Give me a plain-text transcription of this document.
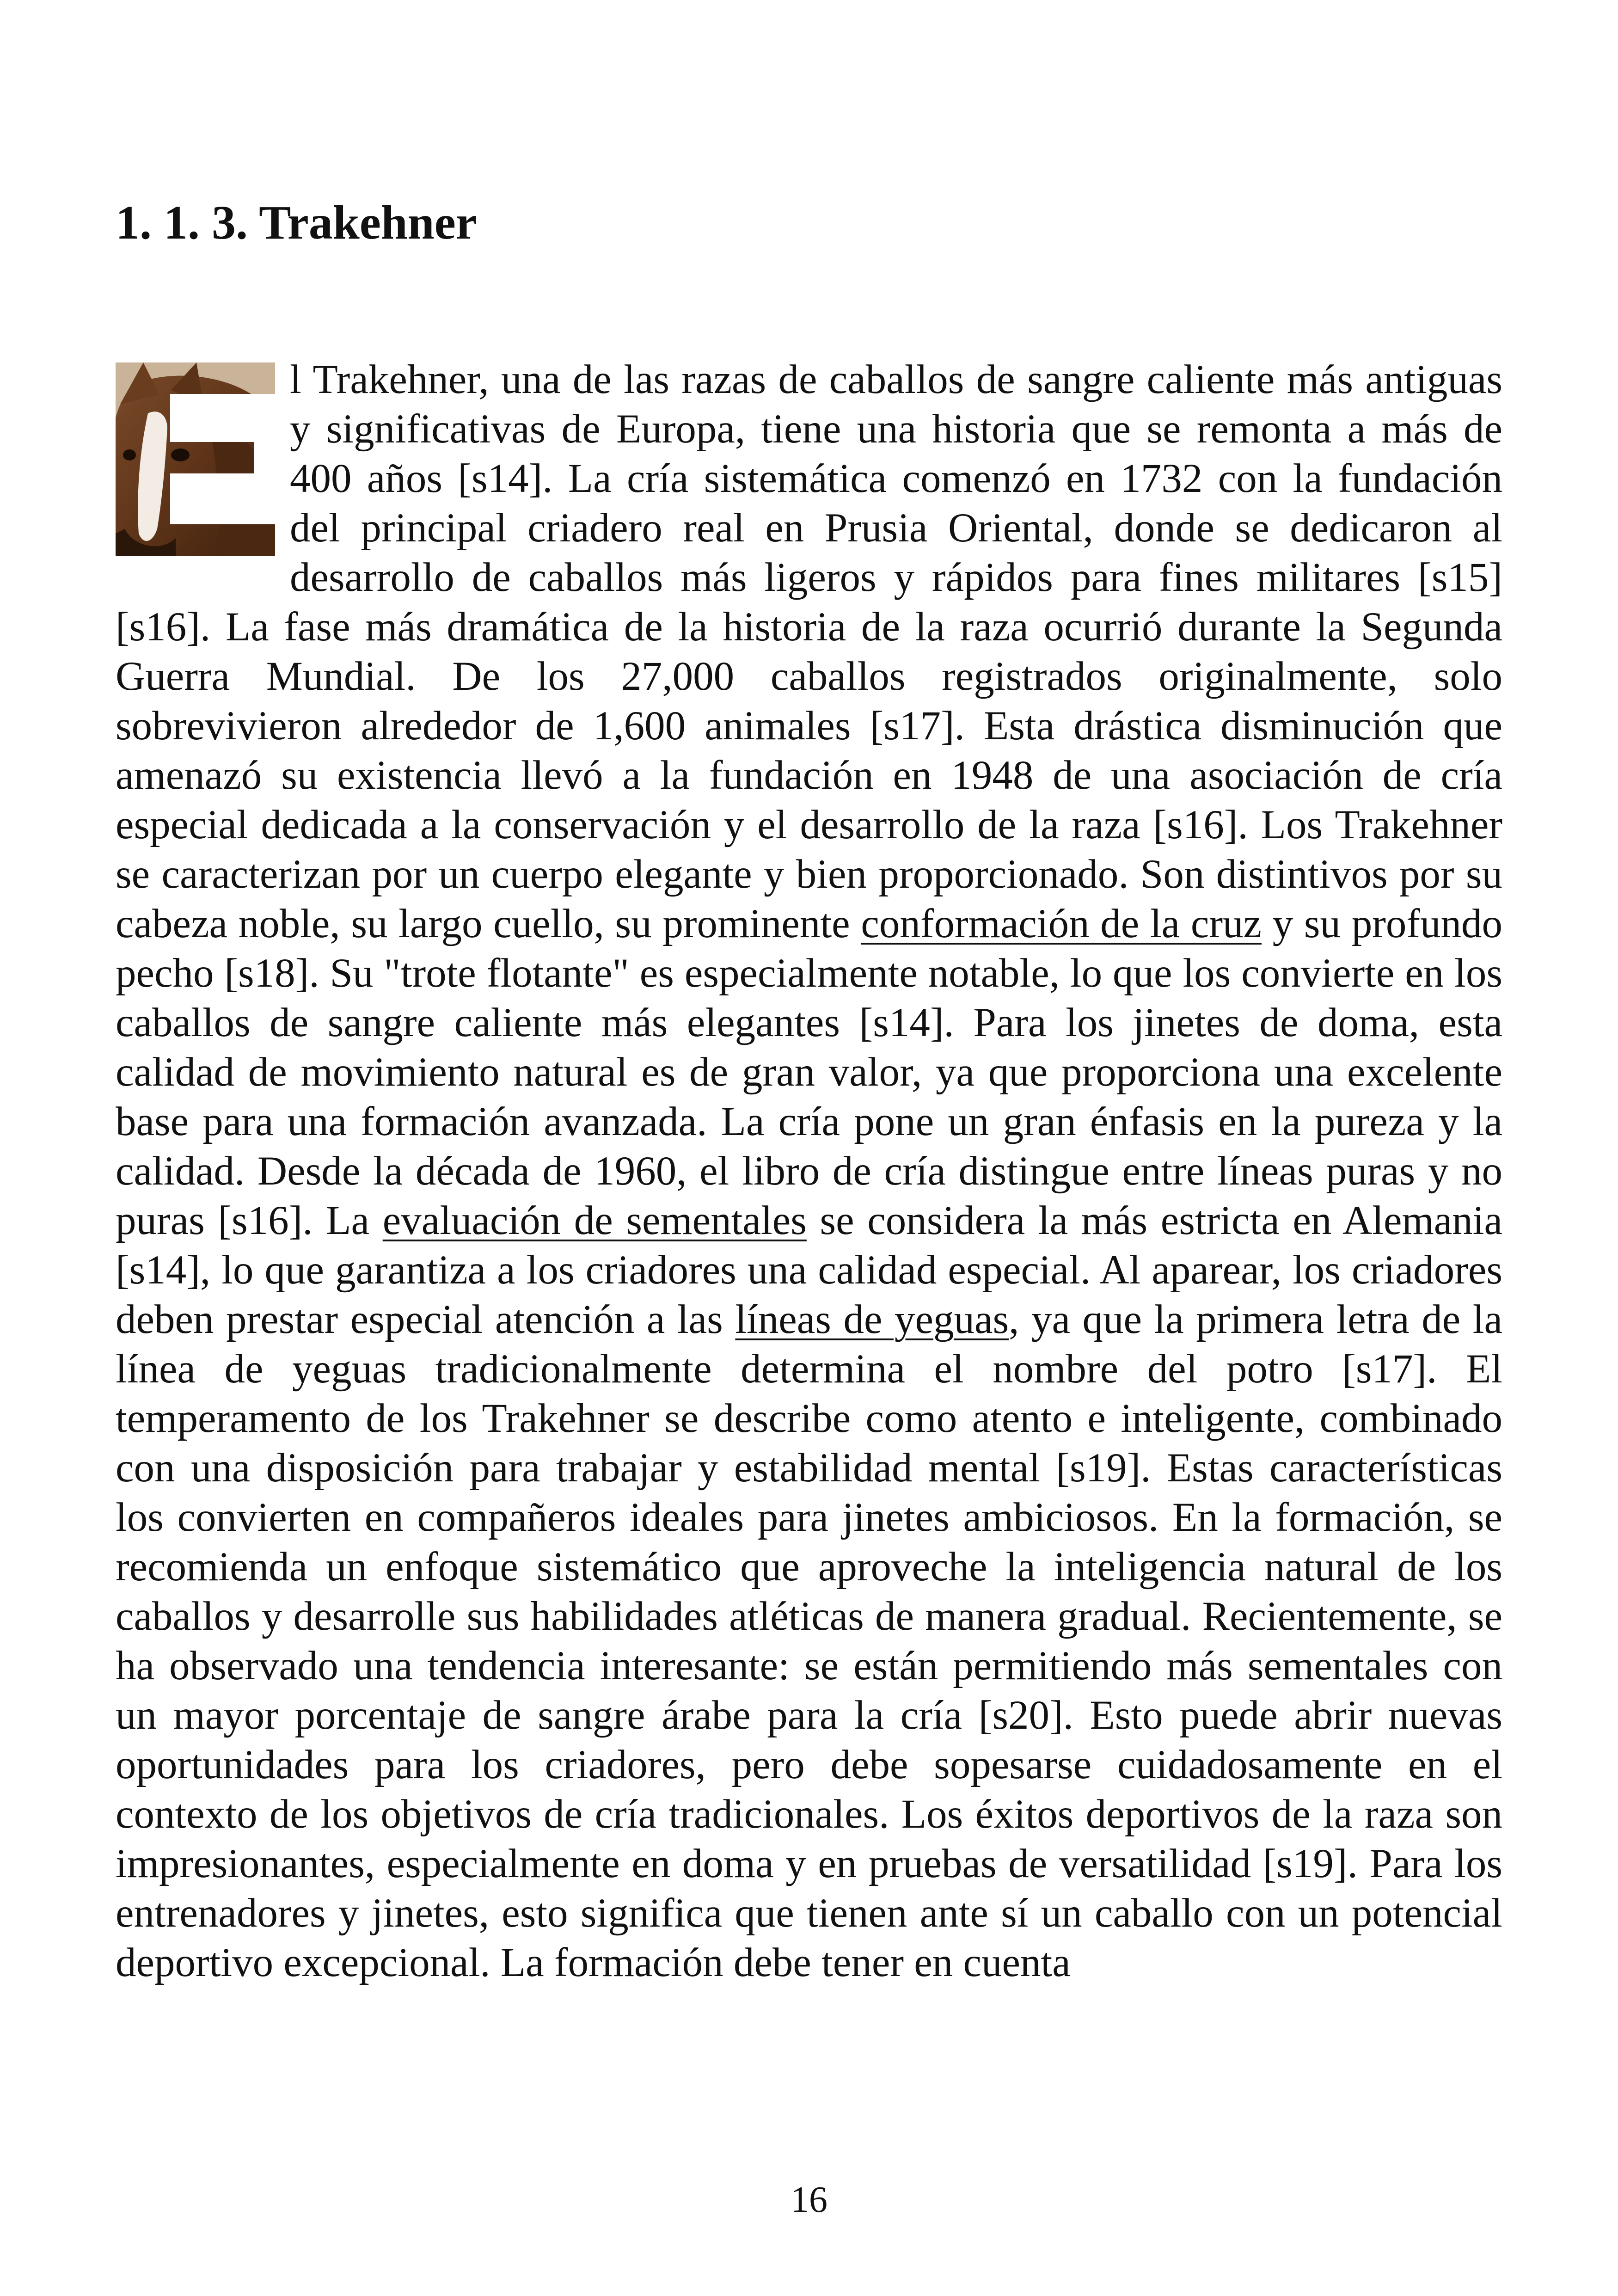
1. 1. 3. Trakehner

l Trakehner, una de las razas de caballos de sangre caliente más antiguas y significativas de Europa, tiene una historia que se remonta a más de 400 años [s14]. La cría sistemática comenzó en 1732 con la fundación del principal criadero real en Prusia Oriental, donde se dedicaron al desarrollo de caballos más ligeros y rápidos para fines militares [s15] [s16]. La fase más dramática de la historia de la raza ocurrió durante la Segunda Guerra Mundial. De los 27,000 caballos registrados originalmente, solo sobrevivieron alrededor de 1,600 animales [s17]. Esta drástica disminución que amenazó su existencia llevó a la fundación en 1948 de una asociación de cría especial dedicada a la conservación y el desarrollo de la raza [s16]. Los Trakehner se caracterizan por un cuerpo elegante y bien proporcionado. Son distintivos por su cabeza noble, su largo cuello, su prominente conformación de la cruz y su profundo pecho [s18]. Su "trote flotante" es especialmente notable, lo que los convierte en los caballos de sangre caliente más elegantes [s14]. Para los jinetes de doma, esta calidad de movimiento natural es de gran valor, ya que proporciona una excelente base para una formación avanzada. La cría pone un gran énfasis en la pureza y la calidad. Desde la década de 1960, el libro de cría distingue entre líneas puras y no puras [s16]. La evaluación de sementales se considera la más estricta en Alemania [s14], lo que garantiza a los criadores una calidad especial. Al aparear, los criadores deben prestar especial atención a las líneas de yeguas, ya que la primera letra de la línea de yeguas tradicionalmente determina el nombre del potro [s17]. El temperamento de los Trakehner se describe como atento e inteligente, combinado con una disposición para trabajar y estabilidad mental [s19]. Estas características los convierten en compañeros ideales para jinetes ambiciosos. En la formación, se recomienda un enfoque sistemático que aproveche la inteligencia natural de los caballos y desarrolle sus habilidades atléticas de manera gradual. Recientemente, se ha observado una tendencia interesante: se están permitiendo más sementales con un mayor porcentaje de sangre árabe para la cría [s20]. Esto puede abrir nuevas oportunidades para los criadores, pero debe sopesarse cuidadosamente en el contexto de los objetivos de cría tradicionales. Los éxitos deportivos de la raza son impresionantes, especialmente en doma y en pruebas de versatilidad [s19]. Para los entrenadores y jinetes, esto significa que tienen ante sí un caballo con un potencial deportivo excepcional. La formación debe tener en cuenta

16
